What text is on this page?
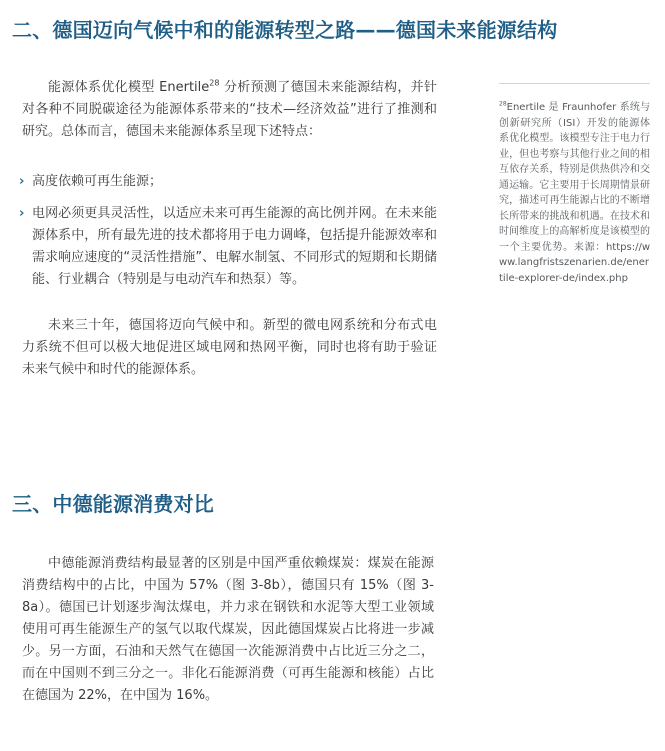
二、德国迈向气候中和的能源转型之路——德国未来能源结构

能源体系优化模型 Enertile$^{28}$ 分析预测了德国未来能源结构，并针对各种不同脱碳途径为能源体系带来的“技术—经济效益”进行了推测和研究。总体而言，德国未来能源体系呈现下述特点：

› 高度依赖可再生能源；
› 电网必须更具灵活性，以适应未来可再生能源的高比例并网。在未来能源体系中，所有最先进的技术都将用于电力调峰，包括提升能源效率和需求响应速度的“灵活性措施”、电解水制氢、不同形式的短期和长期储能、行业耦合（特别是与电动汽车和热泵）等。

未来三十年，德国将迈向气候中和。新型的微电网系统和分布式电力系统不但可以极大地促进区域电网和热网平衡，同时也将有助于验证未来气候中和时代的能源体系。

$^{28}$Enertile 是 Fraunhofer 系统与创新研究所（ISI）开发的能源体系优化模型。该模型专注于电力行业，但也考察与其他行业之间的相互依存关系，特别是供热供冷和交通运输。它主要用于长周期情景研究，描述可再生能源占比的不断增长所带来的挑战和机遇。在技术和时间维度上的高解析度是该模型的一个主要优势。来源：https://www.langfristszenarien.de/enertile-explorer-de/index.php
三、中德能源消费对比

中德能源消费结构最显著的区别是中国严重依赖煤炭：煤炭在能源消费结构中的占比，中国为 57%（图 3-8b），德国只有 15%（图 3-8a）。德国已计划逐步淘汰煤电，并力求在钢铁和水泥等大型工业领域使用可再生能源生产的氢气以取代煤炭，因此德国煤炭占比将进一步减少。另一方面，石油和天然气在德国一次能源消费中占比近三分之二，而在中国则不到三分之一。非化石能源消费（可再生能源和核能）占比在德国为 22%，在中国为 16%。
